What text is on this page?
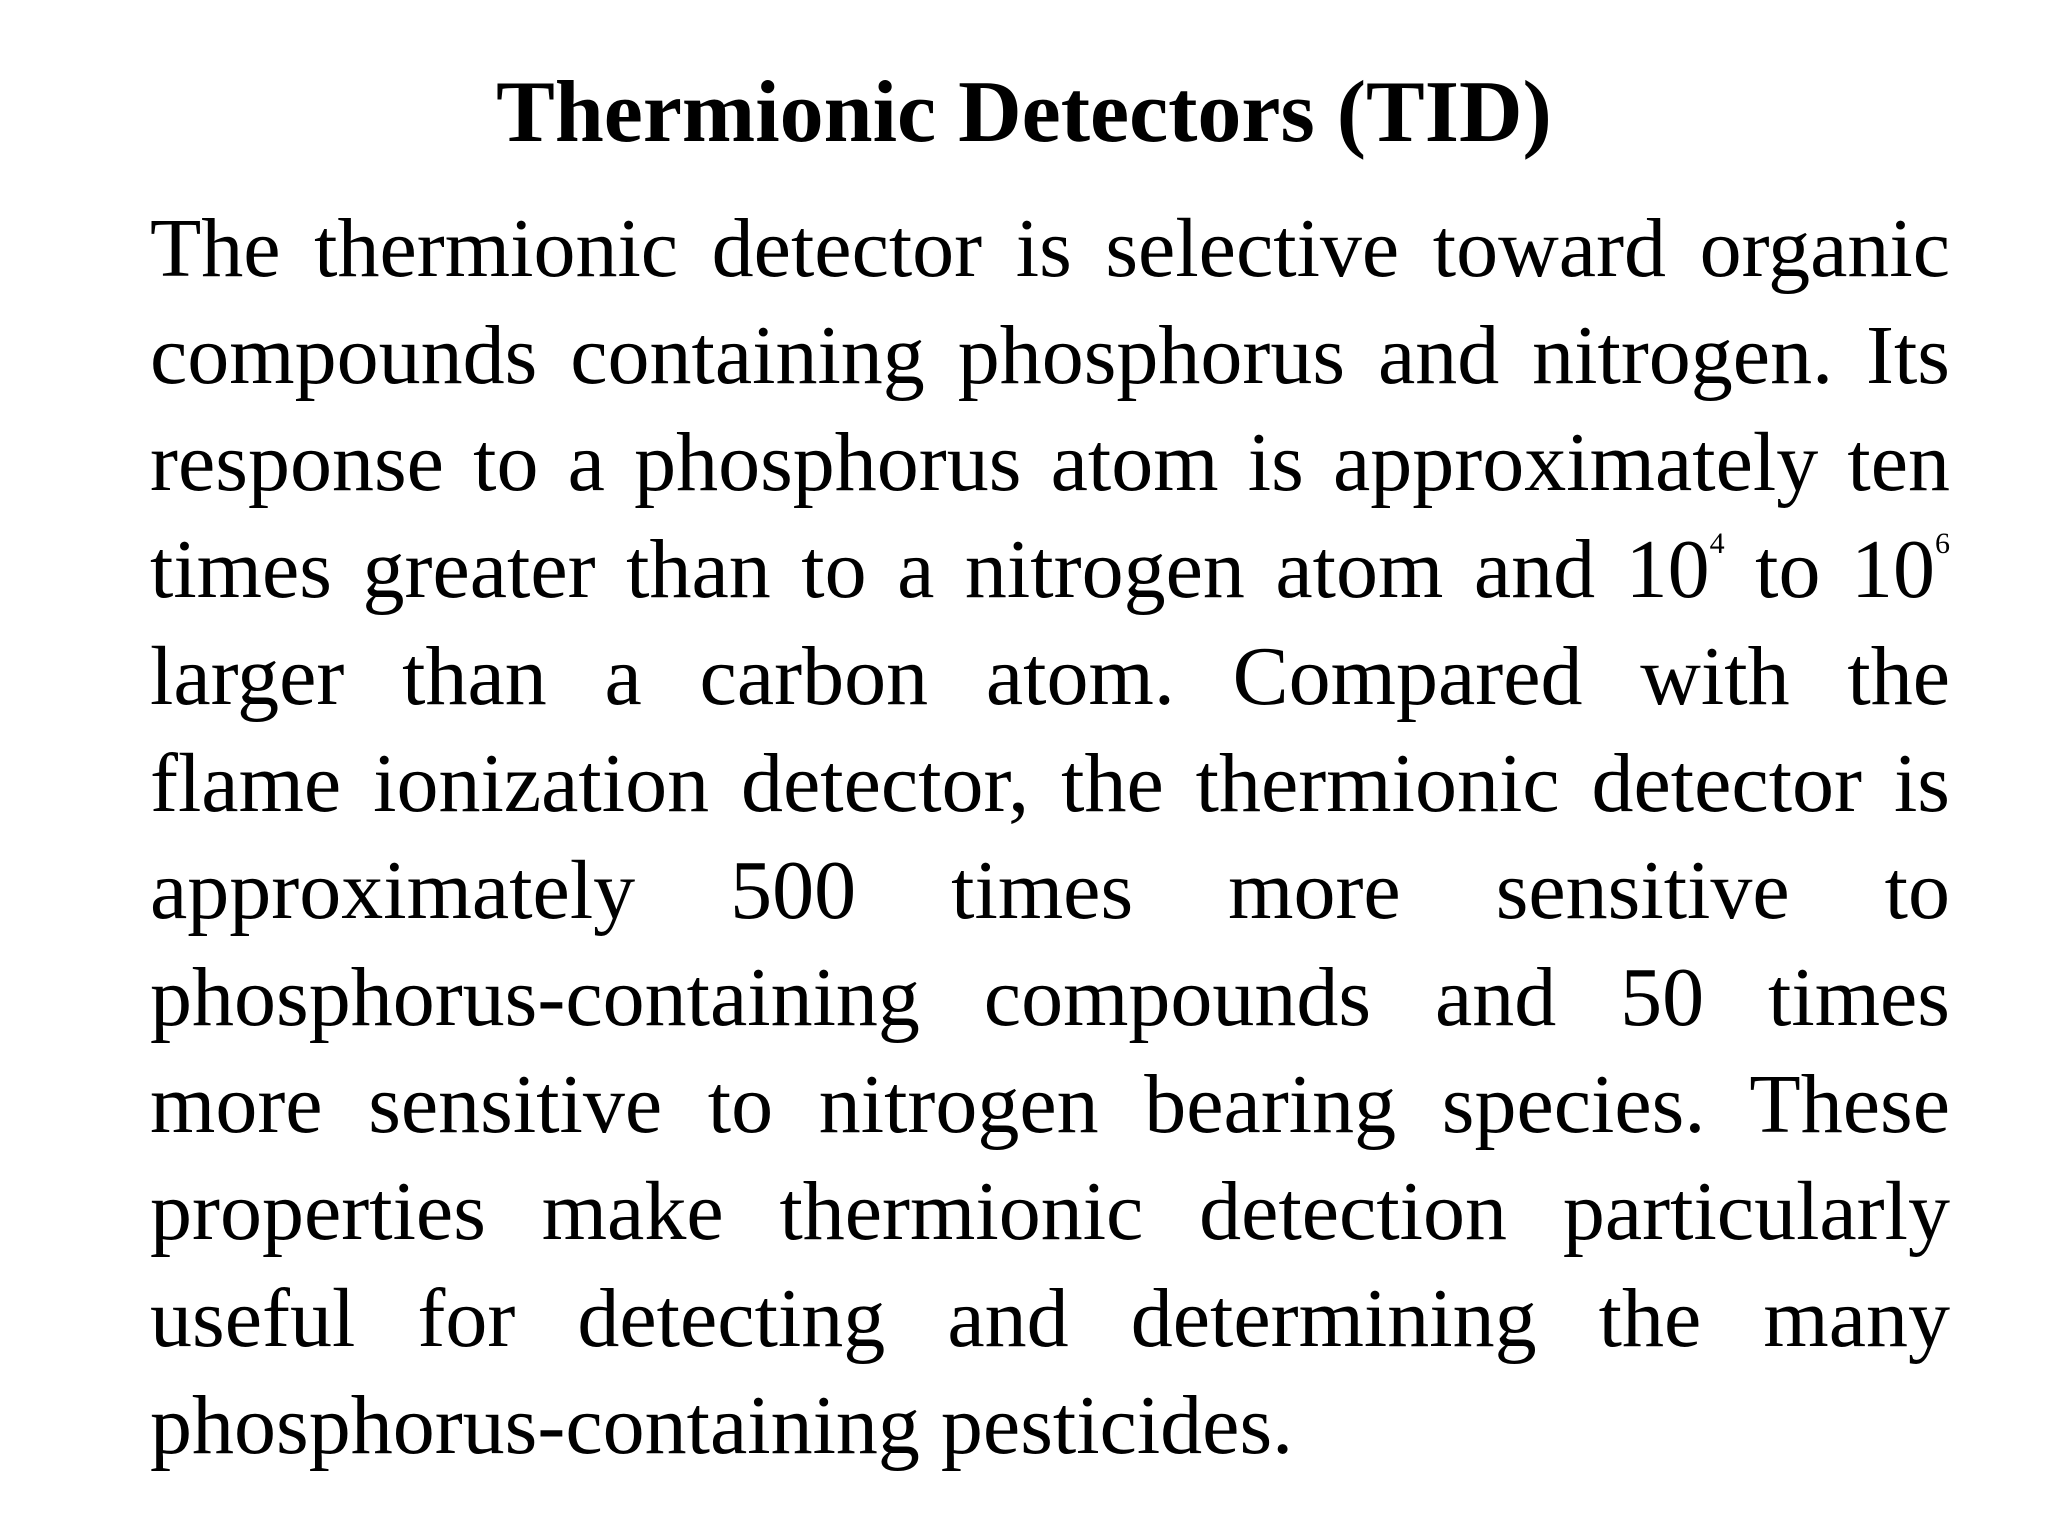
Thermionic Detectors (TID)
The thermionic detector is selective toward organic
compounds containing phosphorus and nitrogen. Its
response to a phosphorus atom is approximately ten
times greater than to a nitrogen atom and $10^4$ to $10^6$
larger than a carbon atom. Compared with the
flame ionization detector, the thermionic detector is
approximately 500 times more sensitive to
phosphorus-containing compounds and 50 times
more sensitive to nitrogen bearing species. These
properties make thermionic detection particularly
useful for detecting and determining the many
phosphorus-containing pesticides.
